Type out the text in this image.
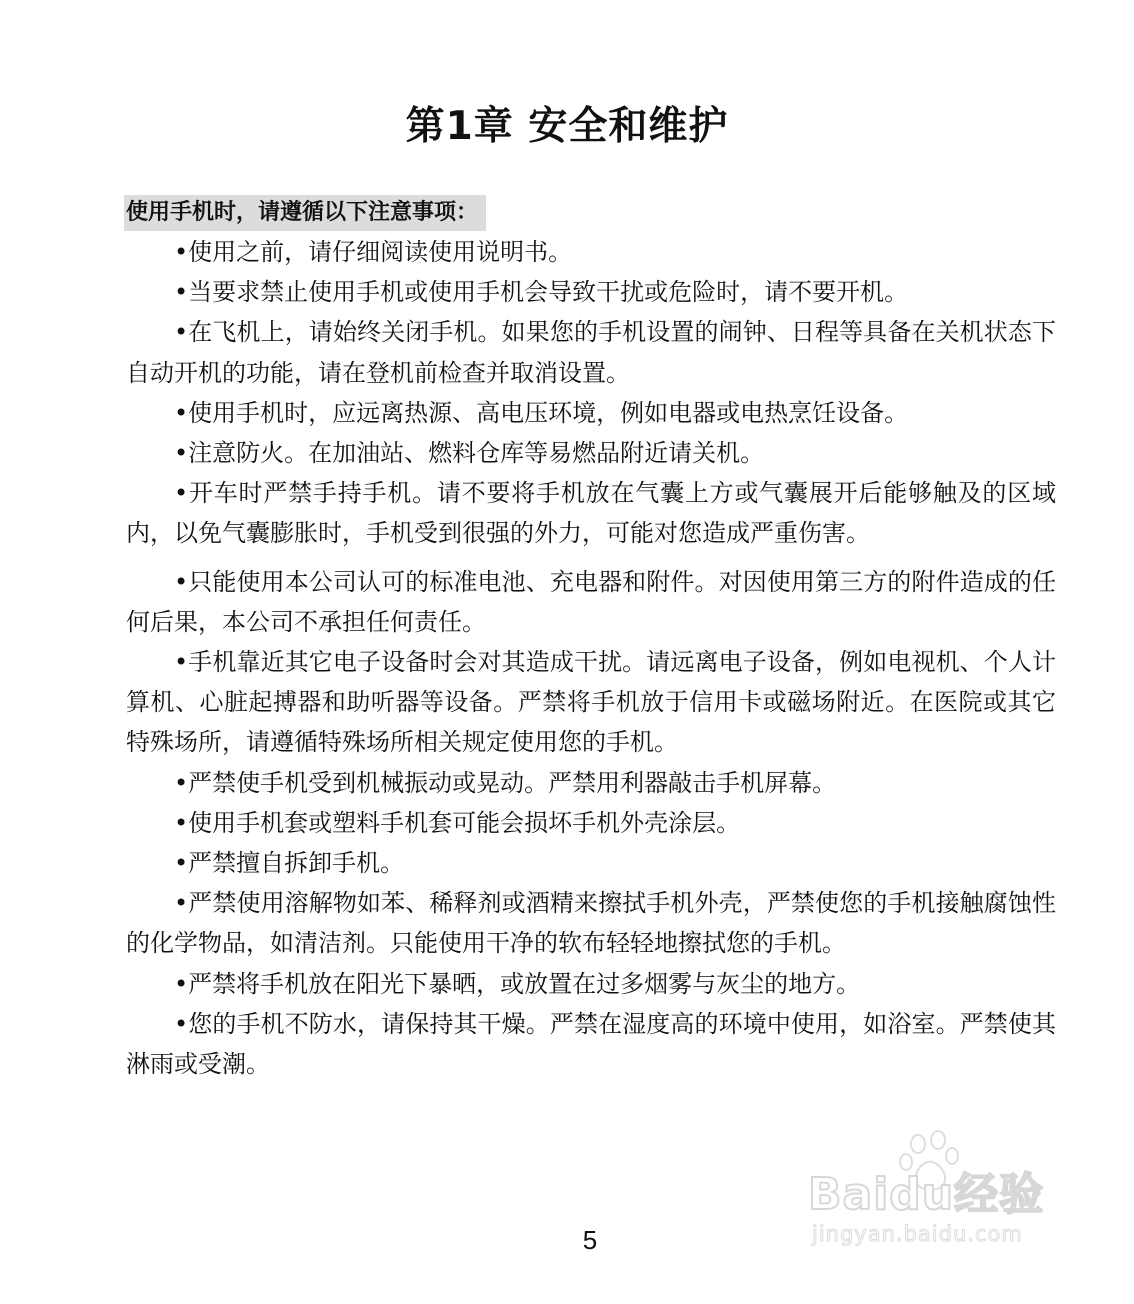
第1章 安全和维护
使用手机时，请遵循以下注意事项：

•使用之前，请仔细阅读使用说明书。

•当要求禁止使用手机或使用手机会导致干扰或危险时，请不要开机。

•在飞机上，请始终关闭手机。如果您的手机设置的闹钟、日程等具备在关机状态下自动开机的功能，请在登机前检查并取消设置。

•使用手机时，应远离热源、高电压环境，例如电器或电热烹饪设备。

•注意防火。在加油站、燃料仓库等易燃品附近请关机。

•开车时严禁手持手机。请不要将手机放在气囊上方或气囊展开后能够触及的区域内，以免气囊膨胀时，手机受到很强的外力，可能对您造成严重伤害。

•只能使用本公司认可的标准电池、充电器和附件。对因使用第三方的附件造成的任何后果，本公司不承担任何责任。

•手机靠近其它电子设备时会对其造成干扰。请远离电子设备，例如电视机、个人计算机、心脏起搏器和助听器等设备。严禁将手机放于信用卡或磁场附近。在医院或其它特殊场所，请遵循特殊场所相关规定使用您的手机。

•严禁使手机受到机械振动或晃动。严禁用利器敲击手机屏幕。

•使用手机套或塑料手机套可能会损坏手机外壳涂层。

•严禁擅自拆卸手机。

•严禁使用溶解物如苯、稀释剂或酒精来擦拭手机外壳，严禁使您的手机接触腐蚀性的化学物品，如清洁剂。只能使用干净的软布轻轻地擦拭您的手机。

•严禁将手机放在阳光下暴晒，或放置在过多烟雾与灰尘的地方。

•您的手机不防水，请保持其干燥。严禁在湿度高的环境中使用，如浴室。严禁使其淋雨或受潮。

5
Baidu经验
jingyan.baidu.com
